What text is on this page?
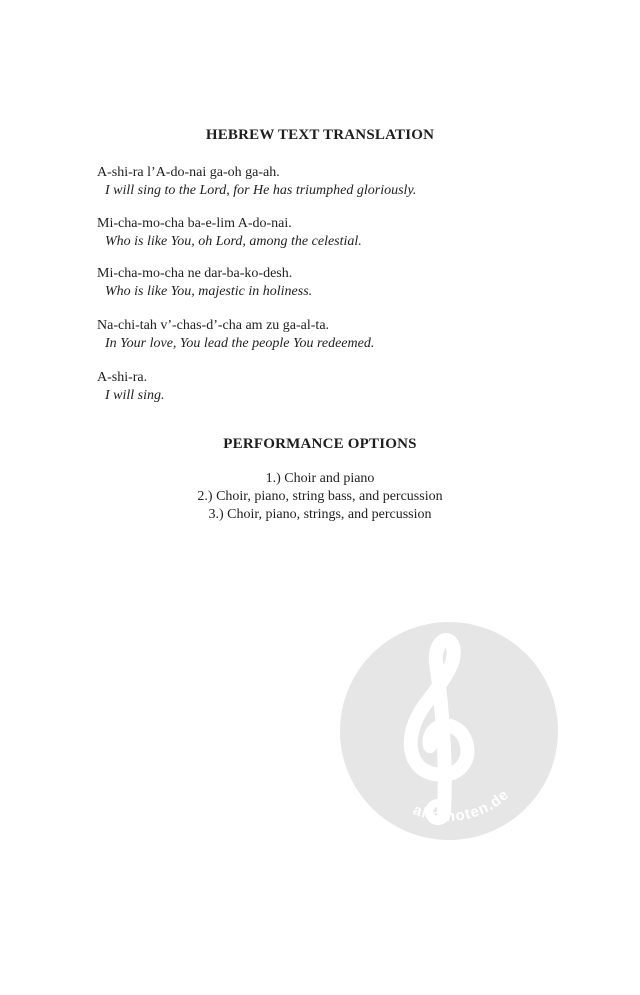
HEBREW TEXT TRANSLATION
A-shi-ra l’A-do-nai ga-oh ga-ah.
I will sing to the Lord, for He has triumphed gloriously.
Mi-cha-mo-cha ba-e-lim A-do-nai.
Who is like You, oh Lord, among the celestial.
Mi-cha-mo-cha ne dar-ba-ko-desh.
Who is like You, majestic in holiness.
Na-chi-tah v’-chas-d’-cha am zu ga-al-ta.
In Your love, You lead the people You redeemed.
A-shi-ra.
I will sing.
PERFORMANCE OPTIONS
1.) Choir and piano
2.) Choir, piano, string bass, and percussion
3.) Choir, piano, strings, and percussion
alle-noten.de
